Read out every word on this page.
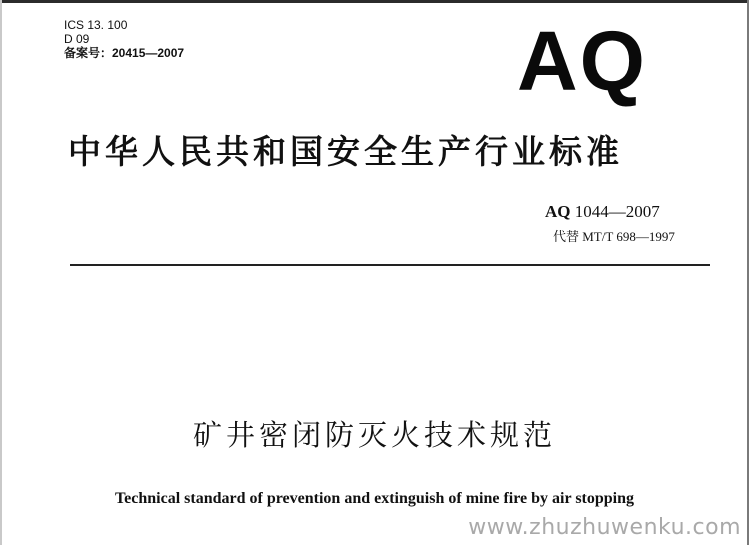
ICS 13. 100
D 09
备案号：20415—2007	AQ
中华人民共和国安全生产行业标准
AQ 1044—2007
代替 MT/T 698—1997
矿井密闭防灭火技术规范
Technical standard of prevention and extinguish of mine fire by air stopping
www.zhuzhuwenku.com
